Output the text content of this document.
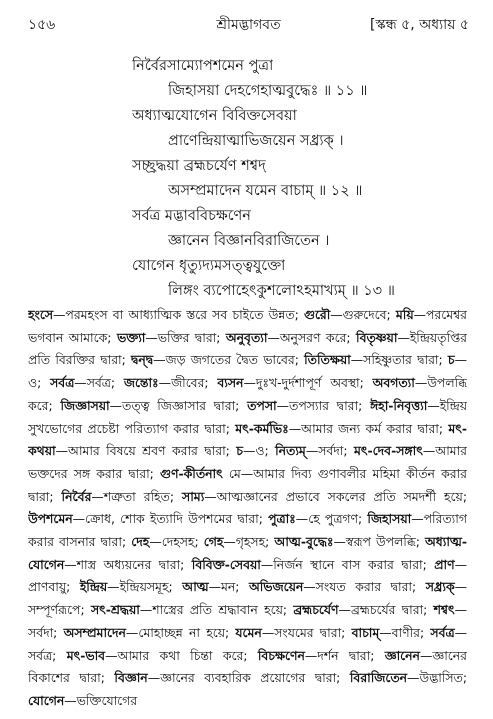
১৫৬	শ্রীমদ্ভাগবত	[স্কন্ধ ৫, অধ্যায় ৫
নির্বৈরসাম্যোপশমেন পুত্রা
জিহাসয়া দেহগেহাত্মবুদ্ধেঃ ॥ ১১ ॥
অধ্যাত্মযোগেন বিবিক্তসেবয়া
প্রাণেন্দ্রিয়াত্মাভিজয়েন সধ্র্যক্ ।
সচ্ছ্রদ্ধয়া ব্রহ্মচর্যেণ শশ্বদ্
অসম্প্রমাদেন যমেন বাচাম্ ॥ ১২ ॥
সর্বত্র মদ্ভাববিচক্ষণেন
জ্ঞানেন বিজ্ঞানবিরাজিতেন ।
যোগেন ধৃত্যুদ্যমসত্ত্বযুক্তো
লিঙ্গং ব্যপোহেৎকুশলোঽহমাখ্যম্ ॥ ১৩ ॥

হংসে—পরমহংস বা আধ্যাত্মিক স্তরে সব চাইতে উন্নত; গুরৌ—গুরুদেবে; ময়ি—পরমেশ্বর ভগবান আমাকে; ভক্ত্যা—ভক্তির দ্বারা; অনুবৃত্যা—অনুসরণ করে; বিতৃষ্ণয়া—ইন্দ্রিয়তৃপ্তির প্রতি বিরক্তির দ্বারা; দ্বন্দ্ব—জড় জগতের দ্বৈত ভাবের; তিতিক্ষয়া—সহিষ্ণুতার দ্বারা; চ—ও; সর্বত্র—সর্বত্র; জন্তোঃ—জীবের; ব্যসন—দুঃখ-দুর্দশাপূর্ণ অবস্থা; অবগত্যা—উপলব্ধি করে; জিজ্ঞাসয়া—তত্ত্ব জিজ্ঞাসার দ্বারা; তপসা—তপস্যার দ্বারা; ঈহা-নিবৃত্ত্যা—ইন্দ্রিয় সুখভোগের প্রচেষ্টা পরিত্যাগ করার দ্বারা; মৎ-কর্মভিঃ—আমার জন্য কর্ম করার দ্বারা; মৎ-কথয়া—আমার বিষয়ে শ্রবণ করার দ্বারা; চ—ও; নিত্যম্—সর্বদা; মৎ-দেব-সঙ্গাৎ—আমার ভক্তদের সঙ্গ করার দ্বারা; গুণ-কীর্তনাৎ মে—আমার দিব্য গুণাবলীর মহিমা কীর্তন করার দ্বারা; নির্বৈর—শত্রুতা রহিত; সাম্য—আত্মজ্ঞানের প্রভাবে সকলের প্রতি সমদর্শী হয়ে; উপশমেন—ক্রোধ, শোক ইত্যাদি উপশমের দ্বারা; পুত্রাঃ—হে পুত্রগণ; জিহাসয়া—পরিত্যাগ করার বাসনার দ্বারা; দেহ—দেহসহ; গেহ—গৃহসহ; আত্ম-বুদ্ধেঃ—স্বরূপ উপলব্ধি; অধ্যাত্ম-যোগেন—শাস্ত্র অধ্যয়নের দ্বারা; বিবিক্ত-সেবয়া—নির্জন স্থানে বাস করার দ্বারা; প্রাণ—প্রাণবায়ু; ইন্দ্রিয়—ইন্দ্রিয়সমূহ; আত্ম—মন; অভিজয়েন—সংযত করার দ্বারা; সধ্র্যক্—সম্পূর্ণরূপে; সৎ-শ্রদ্ধয়া—শাস্ত্রের প্রতি শ্রদ্ধাবান হয়ে; ব্রহ্মচর্যেণ—ব্রহ্মচর্যের দ্বারা; শশ্বৎ—সর্বদা; অসম্প্রমাদেন—মোহাচ্ছন্ন না হয়ে; যমেন—সংযমের দ্বারা; বাচাম্—বাণীর; সর্বত্র—সর্বত্র; মৎ-ভাব—আমার কথা চিন্তা করে; বিচক্ষণেন—দর্শন দ্বারা; জ্ঞানেন—জ্ঞানের বিকাশের দ্বারা; বিজ্ঞান—জ্ঞানের ব্যবহারিক প্রয়োগের দ্বারা; বিরাজিতেন—উদ্ভাসিত; যোগেন—ভক্তিযোগের
